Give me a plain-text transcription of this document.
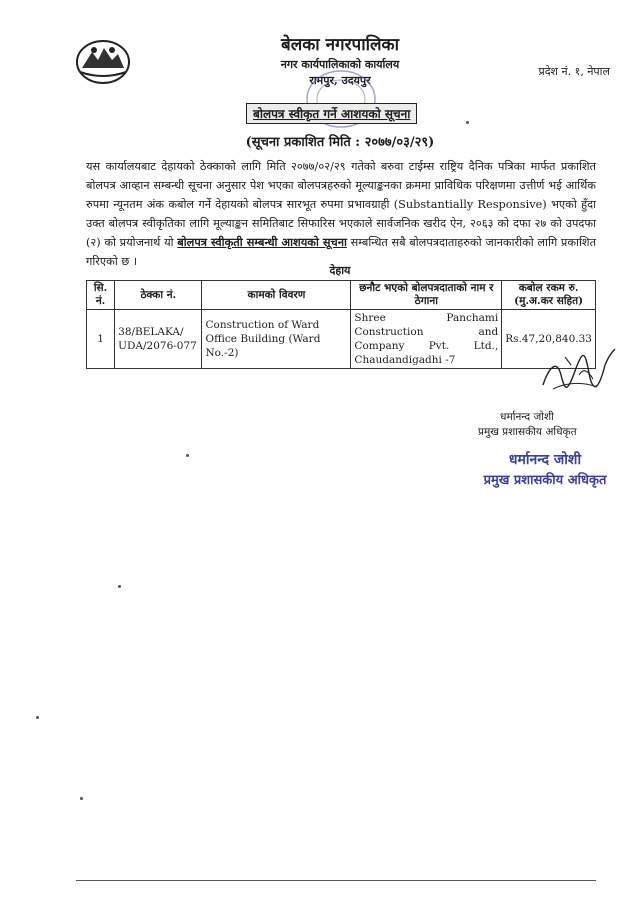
बेलका नगरपालिका
नगर कार्यपालिकाको कार्यालय
रामपुर, उदयपुर
प्रदेश नं. १, नेपाल
बोलपत्र स्वीकृत गर्ने आशयको सूचना
(सूचना प्रकाशित मिति : २०७७/०३/२९)
यस कार्यालयबाट देहायको ठेक्काको लागि मिति २०७७/०२/२९ गतेको बरुवा टाईम्स राष्ट्रिय दैनिक पत्रिका मार्फत प्रकाशित बोलपत्र आव्हान सम्बन्धी सूचना अनुसार पेश भएका बोलपत्रहरुको मूल्याङ्कनका क्रममा प्राविधिक परिक्षणमा उत्तीर्ण भई आर्थिक रुपमा न्यूनतम अंक कबोल गर्ने देहायको बोलपत्र सारभूत रुपमा प्रभावग्राही (Substantially Responsive) भएको हुँदा उक्त बोलपत्र स्वीकृतिका लागि मूल्याङ्कन समितिबाट सिफारिस भएकाले सार्वजनिक खरीद ऐन, २०६३ को दफा २७ को उपदफा (२) को प्रयोजनार्थ यो बोलपत्र स्वीकृती सम्बन्धी आशयको सूचना सम्बन्धित सबै बोलपत्रदाताहरुको जानकारीको लागि प्रकाशित गरिएको छ ।
देहाय
सि. नं.	ठेक्का नं.	कामको विवरण	छनौट भएको बोलपत्रदाताको नाम र ठेगाना	कबोल रकम रु. (मु.अ.कर सहित)
1	38/BELAKA/ UDA/2076-077	Construction of Ward Office Building (Ward No.-2)	Shree Panchami Construction and Company Pvt. Ltd., Chaudandigadhi -7	Rs.47,20,840.33
धर्मानन्द जोशी
प्रमुख प्रशासकीय अधिकृत
धर्मानन्द जोशी
प्रमुख प्रशासकीय अधिकृत
